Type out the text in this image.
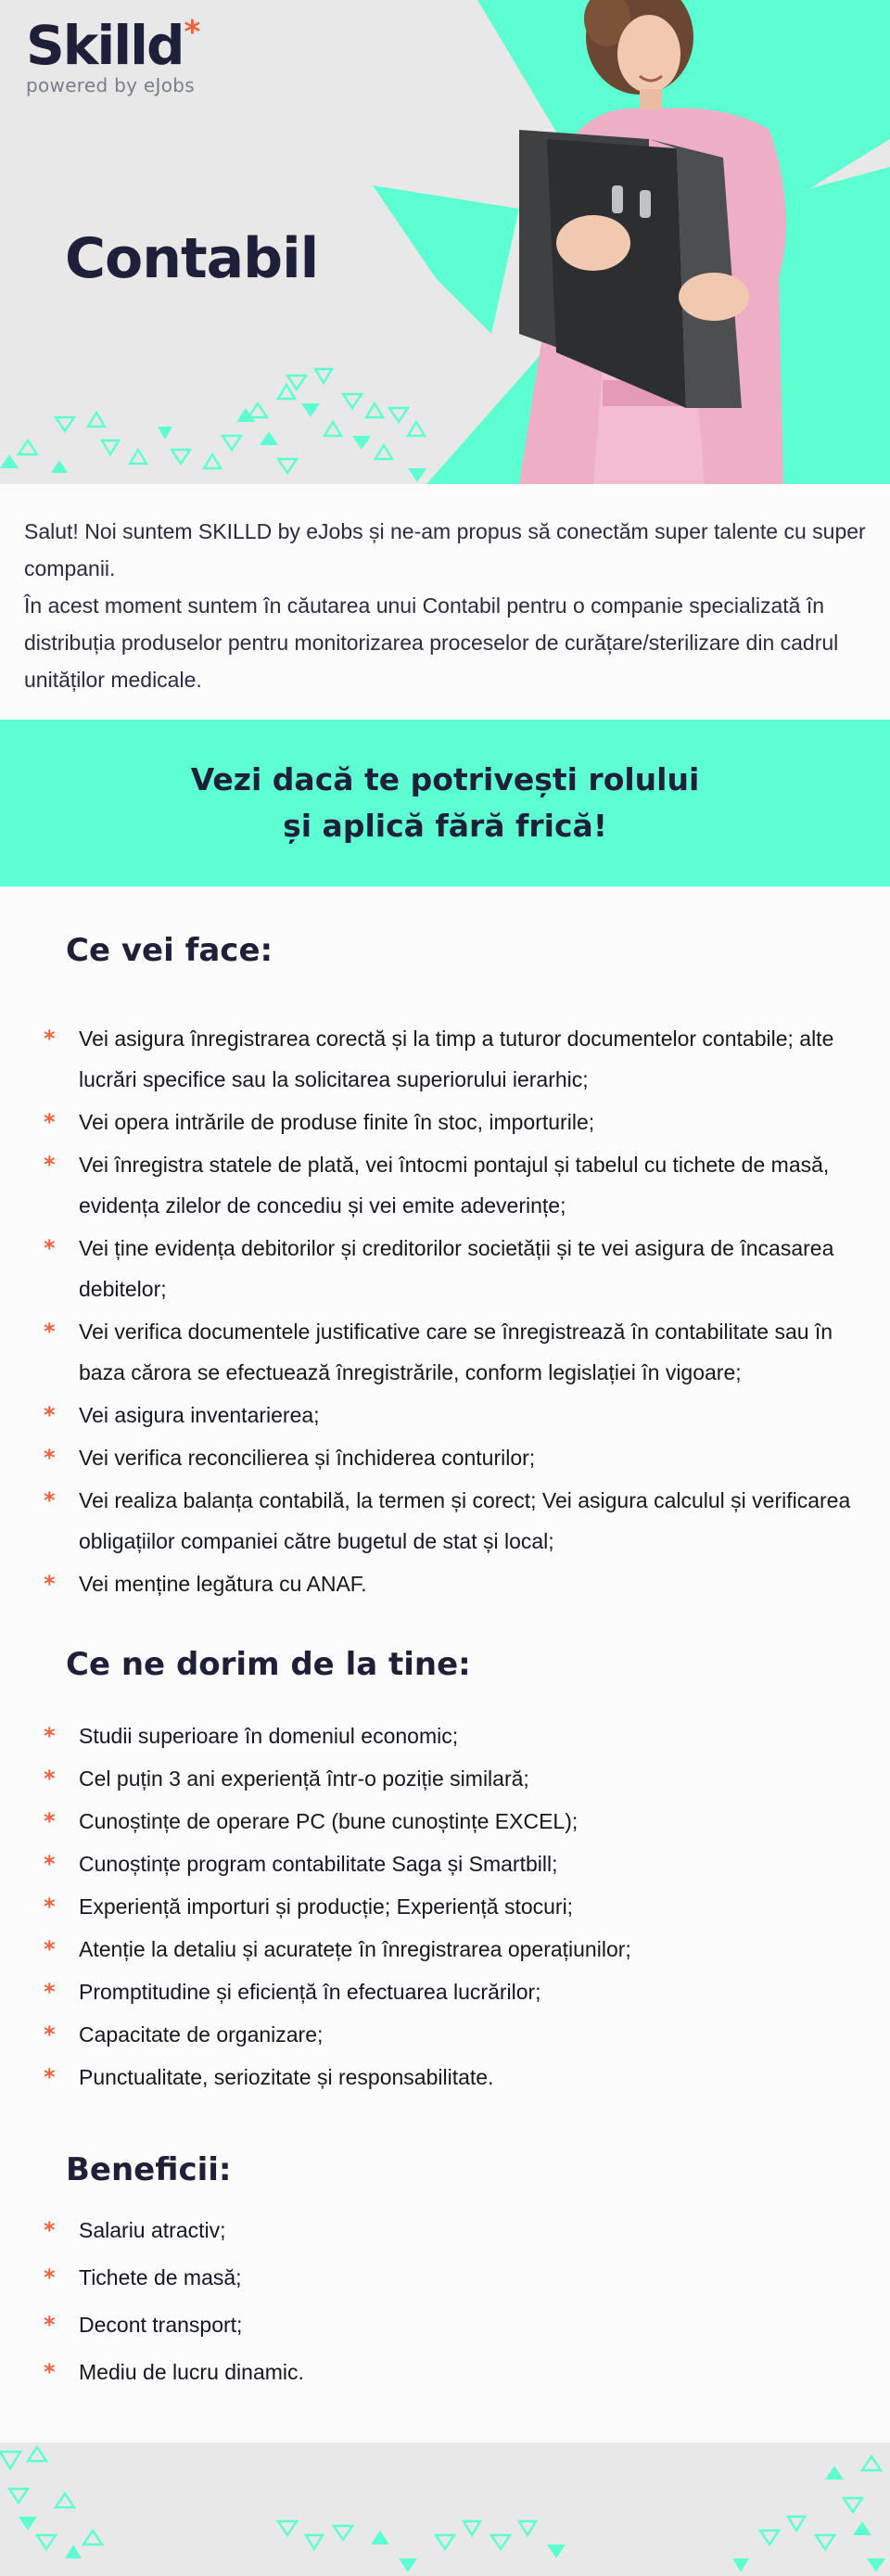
Skilld*
powered by eJobs
Contabil

Salut! Noi suntem SKILLD by eJobs și ne-am propus să conectăm super talente cu super companii.

În acest moment suntem în căutarea unui Contabil pentru o companie specializată în distribuția produselor pentru monitorizarea proceselor de curățare/sterilizare din cadrul unităților medicale.

Vezi dacă te potrivești rolului și aplică fără frică!
Ce vei face:
* Vei asigura înregistrarea corectă și la timp a tuturor documentelor contabile; alte lucrări specifice sau la solicitarea superiorului ierarhic;
* Vei opera intrările de produse finite în stoc, importurile;
* Vei înregistra statele de plată, vei întocmi pontajul și tabelul cu tichete de masă, evidența zilelor de concediu și vei emite adeverințe;
* Vei ține evidența debitorilor și creditorilor societății și te vei asigura de încasarea debitelor;
* Vei verifica documentele justificative care se înregistrează în contabilitate sau în baza cărora se efectuează înregistrările, conform legislației în vigoare;
* Vei asigura inventarierea;
* Vei verifica reconcilierea și închiderea conturilor;
* Vei realiza balanța contabilă, la termen și corect; Vei asigura calculul și verificarea obligațiilor companiei către bugetul de stat și local;
* Vei menține legătura cu ANAF.
Ce ne dorim de la tine:
* Studii superioare în domeniul economic;
* Cel puțin 3 ani experiență într-o poziție similară;
* Cunoștințe de operare PC (bune cunoștințe EXCEL);
* Cunoștințe program contabilitate Saga și Smartbill;
* Experiență importuri și producție; Experiență stocuri;
* Atenție la detaliu și acuratețe în înregistrarea operațiunilor;
* Promptitudine și eficiență în efectuarea lucrărilor;
* Capacitate de organizare;
* Punctualitate, seriozitate și responsabilitate.
Beneficii:
* Salariu atractiv;
* Tichete de masă;
* Decont transport;
* Mediu de lucru dinamic.
